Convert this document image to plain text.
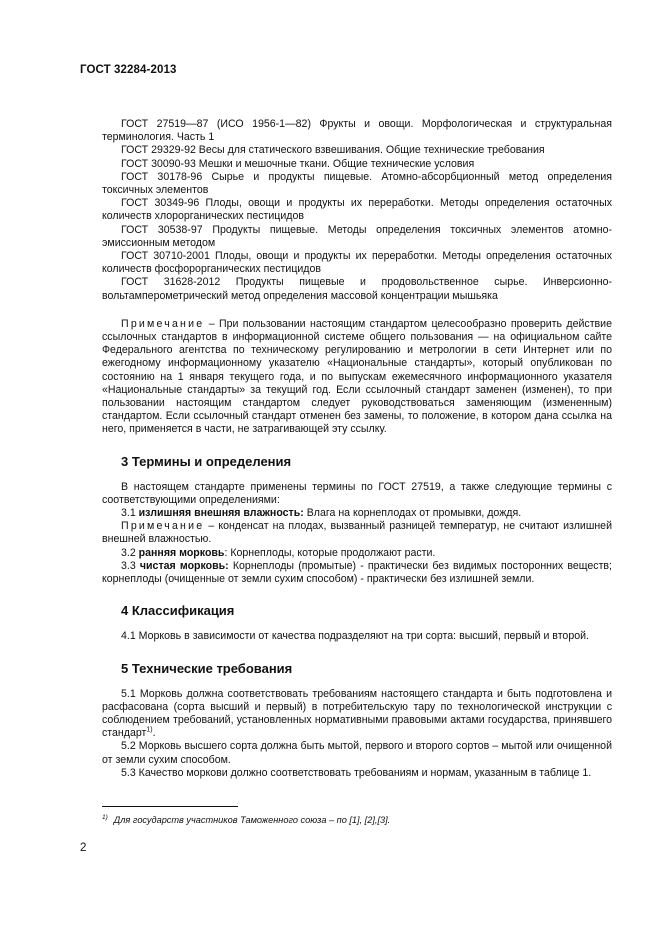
ГОСТ 32284-2013

ГОСТ 27519—87 (ИСО 1956-1—82) Фрукты и овощи. Морфологическая и структуральная терминология. Часть 1

ГОСТ 29329-92 Весы для статического взвешивания. Общие технические требования

ГОСТ 30090-93 Мешки и мешочные ткани. Общие технические условия

ГОСТ 30178-96 Сырье и продукты пищевые. Атомно-абсорбционный метод определения токсичных элементов

ГОСТ 30349-96 Плоды, овощи и продукты их переработки. Методы определения остаточных количеств хлорорганических пестицидов

ГОСТ 30538-97 Продукты пищевые. Методы определения токсичных элементов атомно-эмиссионным методом

ГОСТ 30710-2001 Плоды, овощи и продукты их переработки. Методы определения остаточных количеств фосфорорганических пестицидов

ГОСТ 31628-2012 Продукты пищевые и продовольственное сырье. Инверсионно-вольтамперометрический метод определения массовой концентрации мышьяка

Примечание – При пользовании настоящим стандартом целесообразно проверить действие ссылочных стандартов в информационной системе общего пользования — на официальном сайте Федерального агентства по техническому регулированию и метрологии в сети Интернет или по ежегодному информационному указателю «Национальные стандарты», который опубликован по состоянию на 1 января текущего года, и по выпускам ежемесячного информационного указателя «Национальные стандарты» за текущий год. Если ссылочный стандарт заменен (изменен), то при пользовании настоящим стандартом следует руководствоваться заменяющим (измененным) стандартом. Если ссылочный стандарт отменен без замены, то положение, в котором дана ссылка на него, применяется в части, не затрагивающей эту ссылку.

3 Термины и определения

В настоящем стандарте применены термины по ГОСТ 27519, а также следующие термины с соответствующими определениями:

3.1 излишняя внешняя влажность: Влага на корнеплодах от промывки, дождя.

Примечание – конденсат на плодах, вызванный разницей температур, не считают излишней внешней влажностью.

3.2 ранняя морковь: Корнеплоды, которые продолжают расти.

3.3 чистая морковь: Корнеплоды (промытые) - практически без видимых посторонних веществ; корнеплоды (очищенные от земли сухим способом) - практически без излишней земли.

4 Классификация

4.1 Морковь в зависимости от качества подразделяют на три сорта: высший, первый и второй.

5 Технические требования

5.1 Морковь должна соответствовать требованиям настоящего стандарта и быть подготовлена и расфасована (сорта высший и первый) в потребительскую тару по технологической инструкции с соблюдением требований, установленных нормативными правовыми актами государства, принявшего стандарт$^{1)}$.

5.2 Морковь высшего сорта должна быть мытой, первого и второго сортов – мытой или очищенной от земли сухим способом.

5.3 Качество моркови должно соответствовать требованиям и нормам, указанным в таблице 1.

$^{1)}$ Для государств участников Таможенного союза – по [1], [2],[3].
2
